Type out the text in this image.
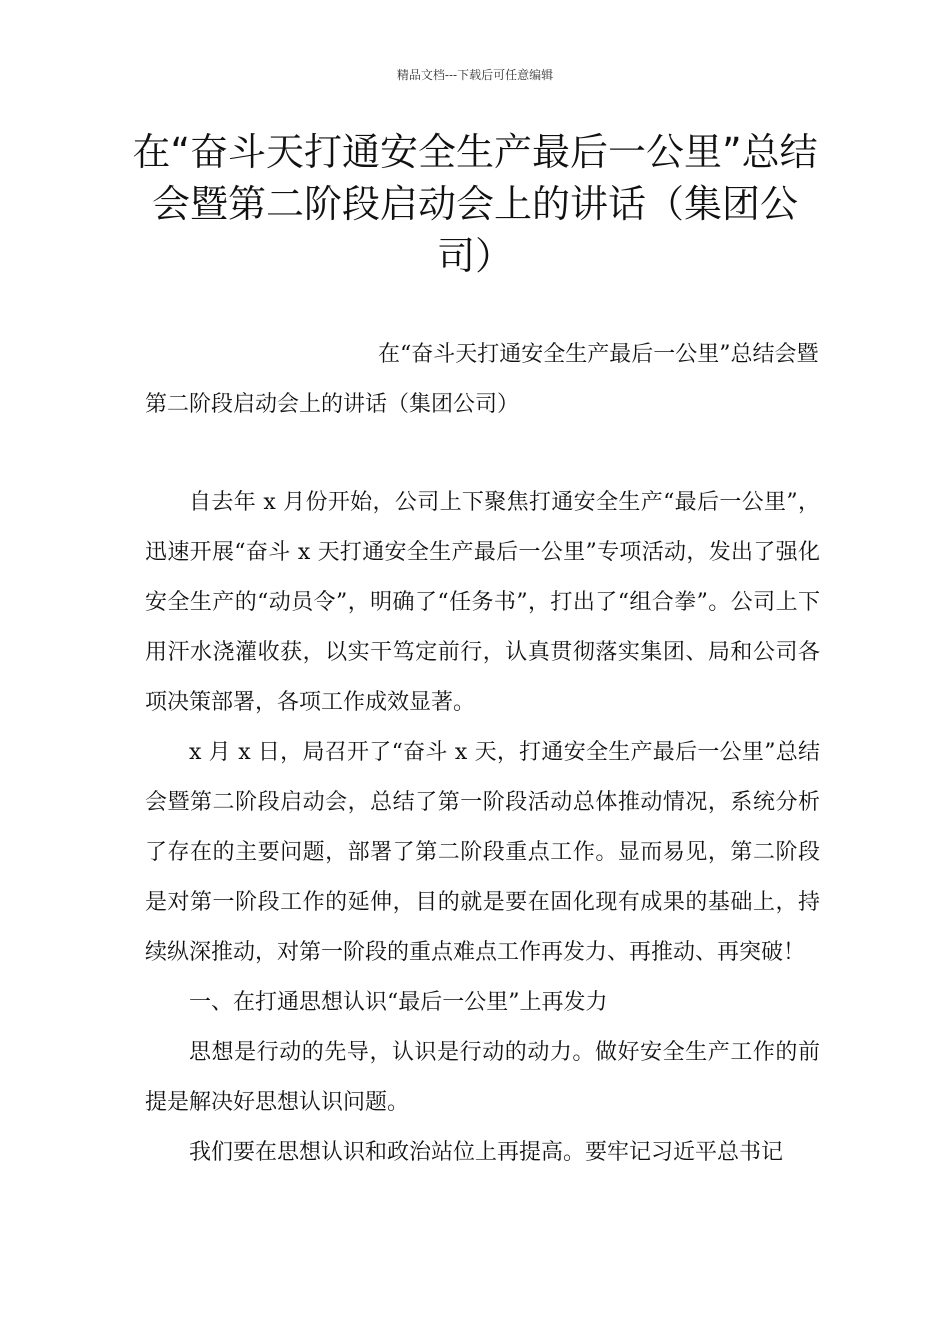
精品文档---下载后可任意编辑

在“奋斗天打通安全生产最后一公里”总结会暨第二阶段启动会上的讲话（集团公司）

在“奋斗天打通安全生产最后一公里”总结会暨第二阶段启动会上的讲话（集团公司）

自去年 x 月份开始，公司上下聚焦打通安全生产“最后一公里”，迅速开展“奋斗 x 天打通安全生产最后一公里”专项活动，发出了强化安全生产的“动员令”，明确了“任务书”，打出了“组合拳”。公司上下用汗水浇灌收获，以实干笃定前行，认真贯彻落实集团、局和公司各项决策部署，各项工作成效显著。

x 月 x 日，局召开了“奋斗 x 天，打通安全生产最后一公里”总结会暨第二阶段启动会，总结了第一阶段活动总体推动情况，系统分析了存在的主要问题，部署了第二阶段重点工作。显而易见，第二阶段是对第一阶段工作的延伸，目的就是要在固化现有成果的基础上，持续纵深推动，对第一阶段的重点难点工作再发力、再推动、再突破！

一、在打通思想认识“最后一公里”上再发力

思想是行动的先导，认识是行动的动力。做好安全生产工作的前提是解决好思想认识问题。

我们要在思想认识和政治站位上再提高。要牢记习近平总书记
